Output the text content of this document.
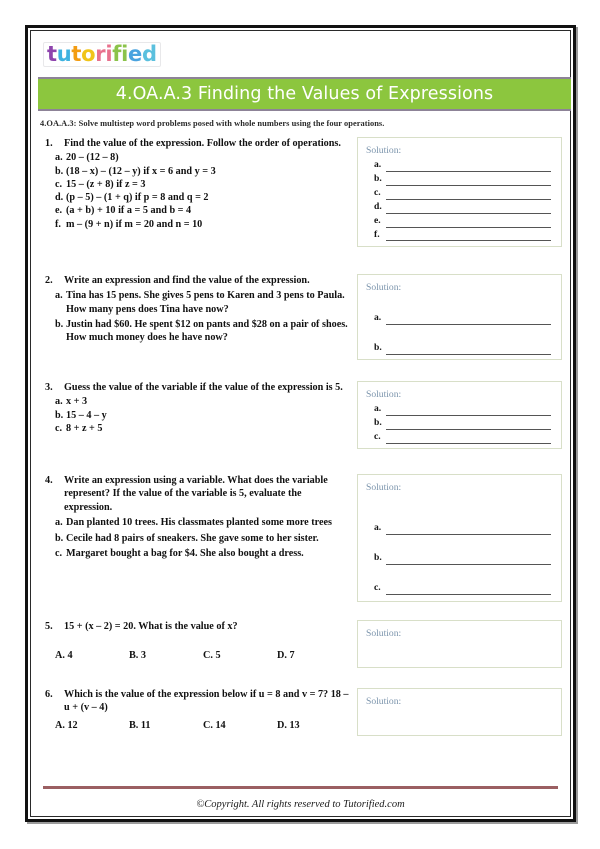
tutorified
4.OA.A.3 Finding the Values of Expressions
4.OA.A.3: Solve multistep word problems posed with whole numbers using the four operations.
1.	Find the value of the expression. Follow the order of operations.
a. 20 – (12 – 8)
b. (18 – x) – (12 – y) if x = 6 and y = 3
c. 15 – (z + 8) if z = 3
d. (p – 5) – (1 + q) if p = 8 and q = 2
e. (a + b) + 10 if a = 5 and b = 4
f. m – (9 + n) if m = 20 and n = 10
Solution:
a.
b.
c.
d.
e.
f.
2.	Write an expression and find the value of the expression.
a. Tina has 15 pens. She gives 5 pens to Karen and 3 pens to Paula. How many pens does Tina have now?
b. Justin had $60. He spent $12 on pants and $28 on a pair of shoes. How much money does he have now?
Solution:
a.
b.
3.	Guess the value of the variable if the value of the expression is 5.
a. x + 3
b. 15 – 4 – y
c. 8 + z + 5
Solution:
a.
b.
c.
4.	Write an expression using a variable. What does the variable represent? If the value of the variable is 5, evaluate the expression.
a. Dan planted 10 trees. His classmates planted some more trees
b. Cecile had 8 pairs of sneakers. She gave some to her sister.
c. Margaret bought a bag for $4. She also bought a dress.
Solution:
a.
b.
c.
5.	15 + (x – 2) = 20. What is the value of x?
A. 4	B. 3	C. 5	D. 7
Solution:
6.	Which is the value of the expression below if u = 8 and v = 7? 18 – u + (v – 4)
A. 12	B. 11	C. 14	D. 13
Solution:
©Copyright. All rights reserved to Tutorified.com
